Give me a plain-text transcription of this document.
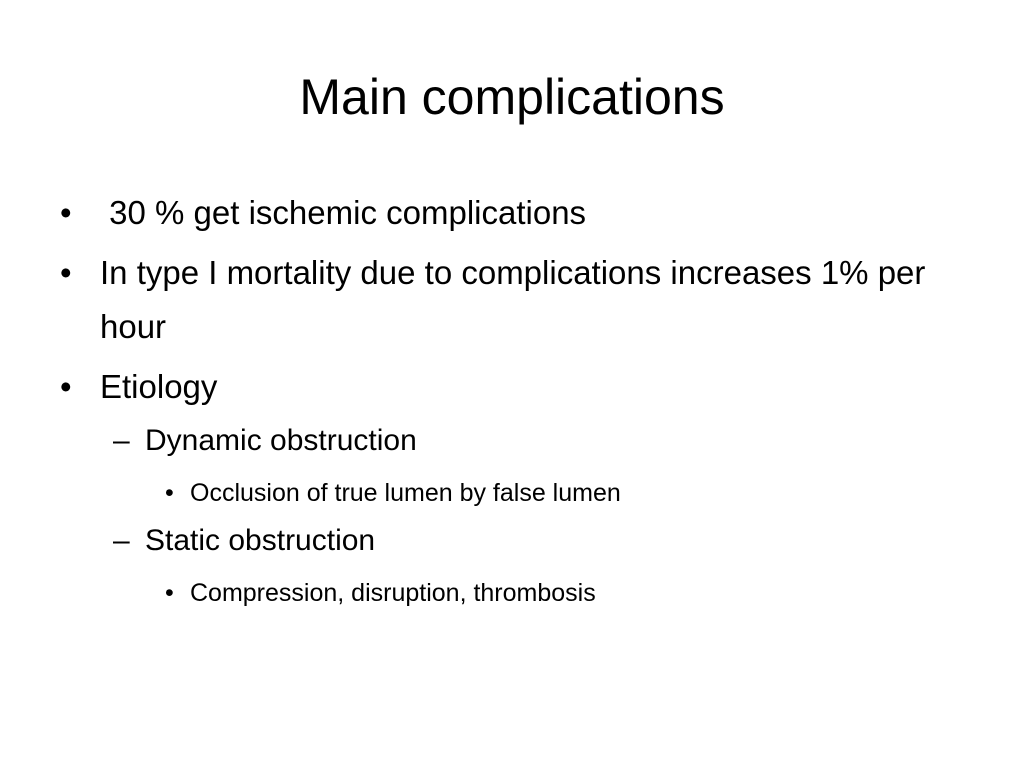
Main complications
• 30 % get ischemic complications
• In type I mortality due to complications increases 1% per hour
• Etiology
– Dynamic obstruction
• Occlusion of true lumen by false lumen
– Static obstruction
• Compression, disruption, thrombosis
